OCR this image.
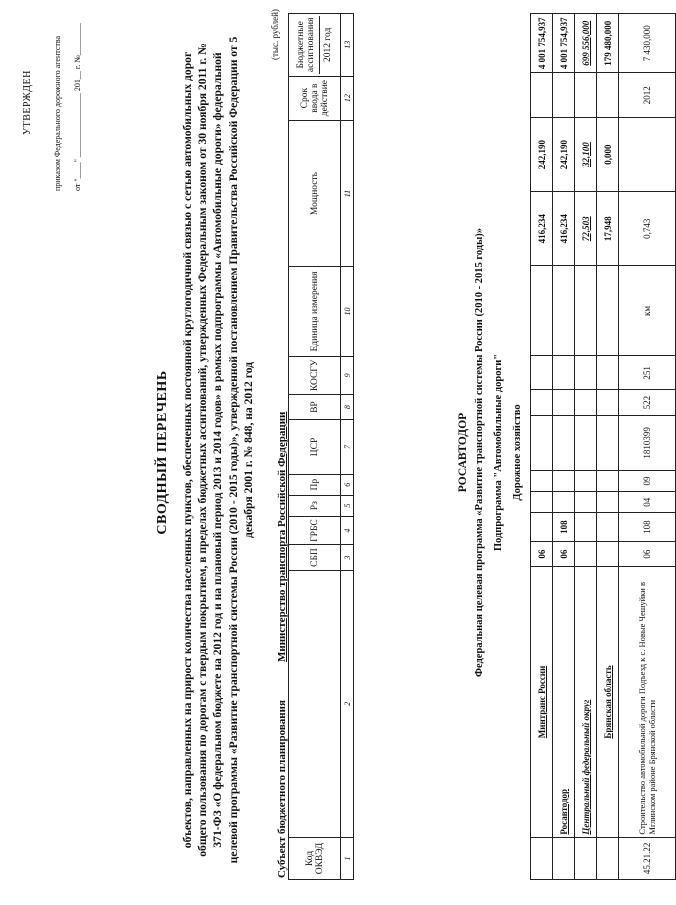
УТВЕРЖДЕН	приказом Федерального дорожного агентства от "____" ________________ 201__ г. №________
СВОДНЫЙ ПЕРЕЧЕНЬ объектов, направленных на прирост количества населенных пунктов, обеспеченных постоянной круглогодичной связью с сетью автомобильных дорог общего пользования по дорогам с твердым покрытием, в пределах бюджетных ассигнований, утвержденных Федеральным законом от 30 ноября 2011 г. № 371-ФЗ «О федеральном бюджете на 2012 год и на плановый период 2013 и 2014 годов» в рамках подпрограммы «Автомобильные дороги» федеральной целевой программы «Развитие транспортной системы России (2010 - 2015 годы)», утвержденной постановлением Правительства Российской Федерации от 5 декабря 2001 г. № 848, на 2012 год
Субъект бюджетного планирования
Министерство транспорта Российской Федерации
(тыс. рублей)
Код ОКВЭД		СБП	ГРБС	Рз	Пр	ЦСР	ВР	КОСГУ	Единица измерения	Мощность	Срок ввода в действие	Бюджетные ассигнования 2012 год

1	2	3	4	5	6	7	8	9	10	11	12	13
РОСАВТОДОР Федеральная целевая программа «Развитие транспортной системы России (2010 - 2015 годы)» Подпрограмма "Автомобильные дороги" Дорожное хозяйство
	Минтранс России	06								416,234	242,190		4 001 754,937
	Росавтодор	06	108							416,234	242,190		4 001 754,937
	Центральный федеральный округ									72,503	32,100		699 556,000
	Брянская область									17,948	0,000		179 480,000
45.21.22	Строительство автомобильной дороги Подъезд к с. Новые Чешуйки в Мглинском районе Брянской области	06	108	04	09	1810399	522	251	км	0,743		2012	7 430,000
